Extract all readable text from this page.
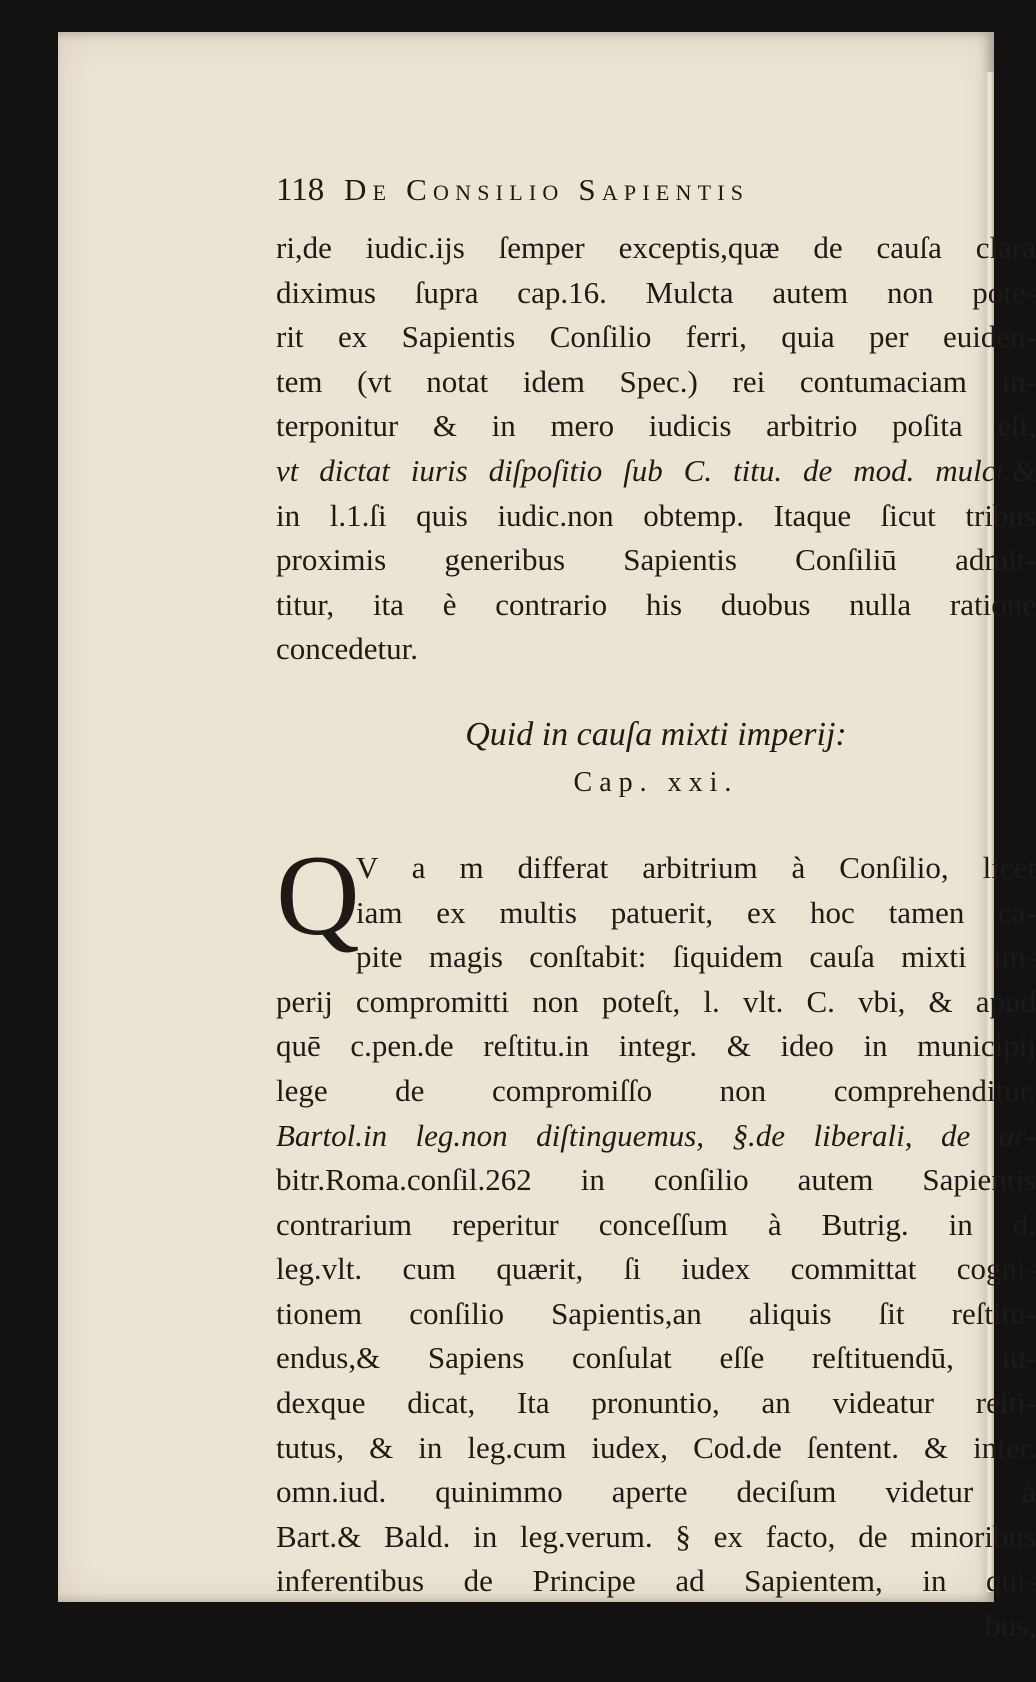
118 De Consilio Sapientis
ri,de iudic.ijs ſemper exceptis,quæ de cauſa clara
diximus ſupra cap.16. Mulcta autem non pote-
rit ex Sapientis Conſilio ferri, quia per euiden-
tem (vt notat idem Spec.) rei contumaciam in-
terponitur & in mero iudicis arbitrio poſita eſt,
vt dictat iuris diſpoſitio ſub C. titu. de mod. mulct.&
in l.1.ſi quis iudic.non obtemp. Itaque ſicut tribus
proximis generibus Sapientis Conſiliū admit-
titur, ita è contrario his duobus nulla ratione
concedetur.
Quid in cauſa mixti imperij:
Cap. xxi.
Q
V a m differat arbitrium à Conſilio, licet
iam ex multis patuerit, ex hoc tamen ca-
pite magis conſtabit: ſiquidem cauſa mixti im-
perij compromitti non poteſt, l. vlt. C. vbi, & apud
quē c.pen.de reſtitu.in integr. & ideo in municipij
lege de compromiſſo non comprehenditur.
Bartol.in leg.non diſtinguemus, §.de liberali, de ar-
bitr.Roma.conſil.262 in conſilio autem Sapientis
contrarium reperitur conceſſum à Butrig. in d.
leg.vlt. cum quærit, ſi iudex committat cogni-
tionem conſilio Sapientis,an aliquis ſit reſtitu-
endus,& Sapiens conſulat eſſe reſtituendū, iu-
dexque dicat, Ita pronuntio, an videatur reſti-
tutus, & in leg.cum iudex, Cod.de ſentent. & inter.
omn.iud. quinimmo aperte deciſum videtur à
Bart.& Bald. in leg.verum. § ex facto, de minoribus
inferentibus de Principe ad Sapientem, in qui-
bus,
